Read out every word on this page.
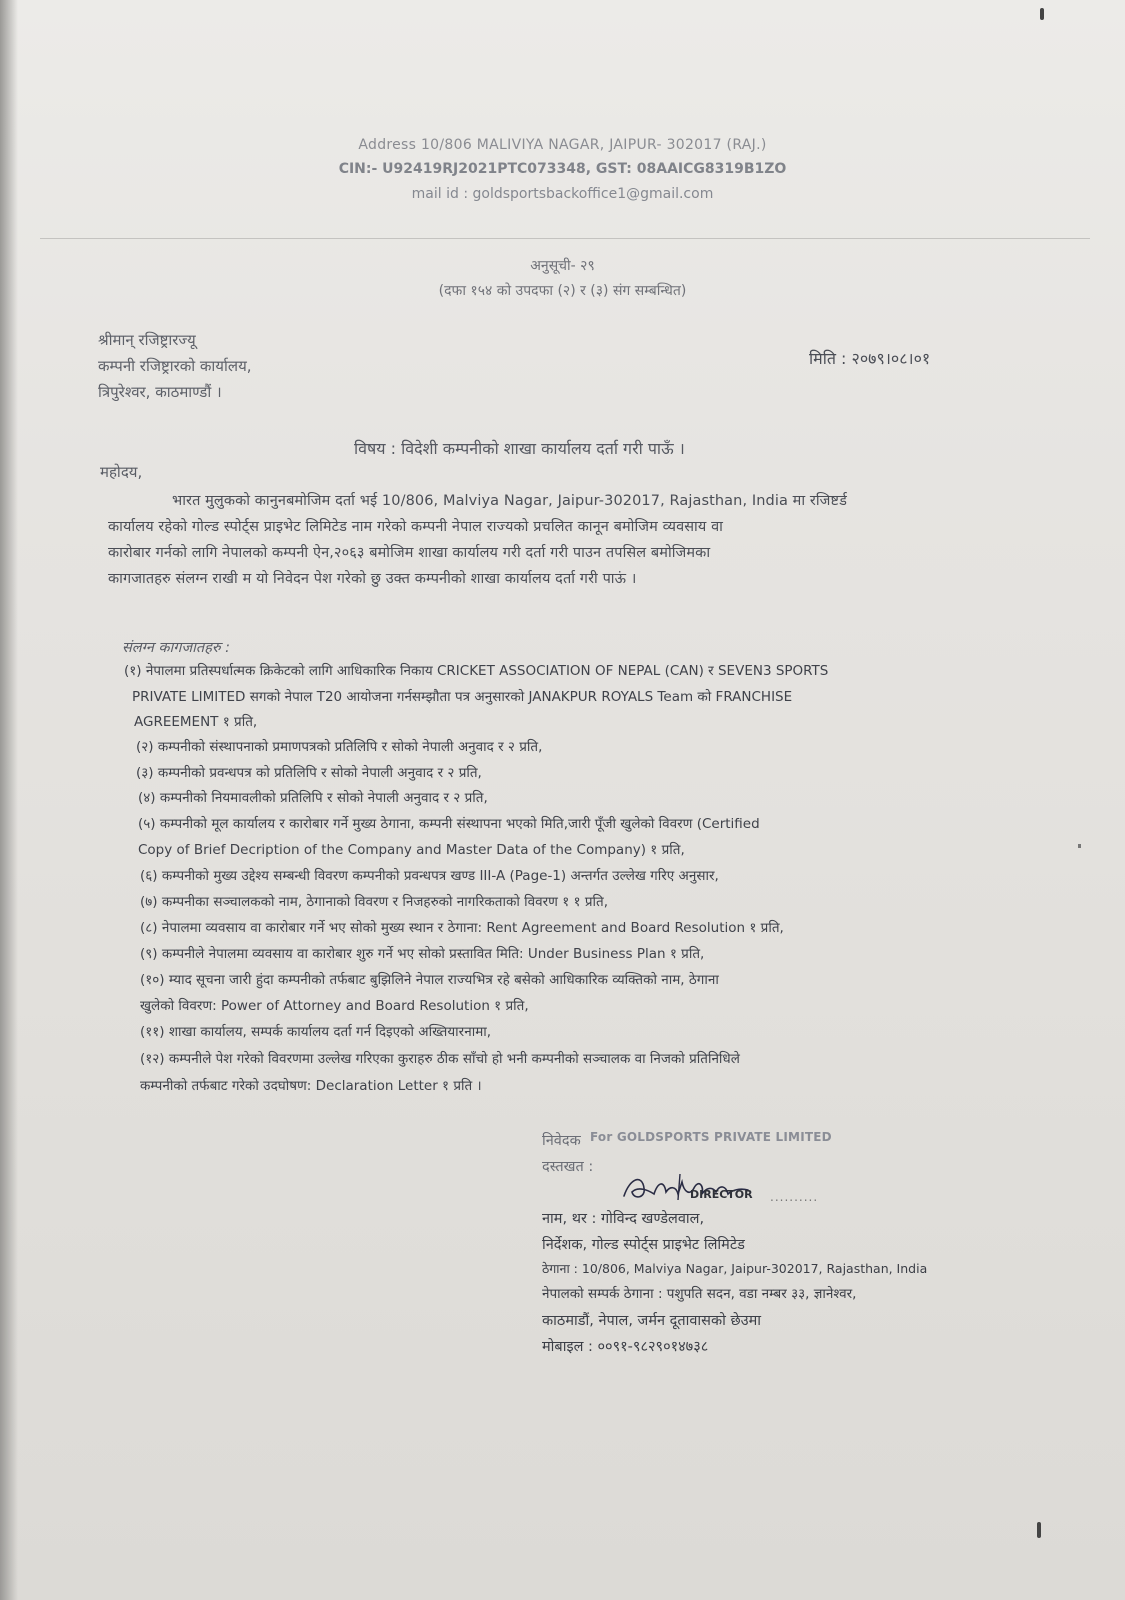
Address 10/806 MALIVIYA NAGAR, JAIPUR- 302017 (RAJ.)
CIN:- U92419RJ2021PTC073348, GST: 08AAICG8319B1ZO
mail id : goldsportsbackoffice1@gmail.com
अनुसूची- २९
(दफा १५४ को उपदफा (२) र (३) संग सम्बन्धित)
श्रीमान् रजिष्ट्रारज्यू
कम्पनी रजिष्ट्रारको कार्यालय,
त्रिपुरेश्वर, काठमाण्डौं ।
मिति : २०७९।०८।०१
विषय : विदेशी कम्पनीको शाखा कार्यालय दर्ता गरी पाऊँ ।
महोदय,
भारत मुलुकको कानुनबमोजिम दर्ता भई 10/806, Malviya Nagar, Jaipur-302017, Rajasthan, India मा रजिष्टर्ड
कार्यालय रहेको गोल्ड स्पोर्ट्स प्राइभेट लिमिटेड नाम गरेको कम्पनी नेपाल राज्यको प्रचलित कानून बमोजिम व्यवसाय वा
कारोबार गर्नको लागि नेपालको कम्पनी ऐन,२०६३ बमोजिम शाखा कार्यालय गरी दर्ता गरी पाउन तपसिल बमोजिमका
कागजातहरु संलग्न राखी म यो निवेदन पेश गरेको छु उक्त कम्पनीको शाखा कार्यालय दर्ता गरी पाऊं ।
संलग्न कागजातहरु :
(१) नेपालमा प्रतिस्पर्धात्मक क्रिकेटको लागि आधिकारिक निकाय CRICKET ASSOCIATION OF NEPAL (CAN) र SEVEN3 SPORTS
PRIVATE LIMITED सगको नेपाल T20 आयोजना गर्नसम्झौता पत्र अनुसारको JANAKPUR ROYALS Team को FRANCHISE
AGREEMENT १ प्रति,
(२) कम्पनीको संस्थापनाको प्रमाणपत्रको प्रतिलिपि र सोको नेपाली अनुवाद र २ प्रति,
(३) कम्पनीको प्रवन्धपत्र को प्रतिलिपि र सोको नेपाली अनुवाद र २ प्रति,
(४) कम्पनीको नियमावलीको प्रतिलिपि र सोको नेपाली अनुवाद र २ प्रति,
(५) कम्पनीको मूल कार्यालय र कारोबार गर्ने मुख्य ठेगाना, कम्पनी संस्थापना भएको मिति,जारी पूँजी खुलेको विवरण (Certified
Copy of Brief Decription of the Company and Master Data of the Company) १ प्रति,
(६) कम्पनीको मुख्य उद्देश्य सम्बन्धी विवरण कम्पनीको प्रवन्धपत्र खण्ड III-A (Page-1) अन्तर्गत उल्लेख गरिए अनुसार,
(७) कम्पनीका सञ्चालकको नाम, ठेगानाको विवरण र निजहरुको नागरिकताको विवरण १ १ प्रति,
(८) नेपालमा व्यवसाय वा कारोबार गर्ने भए सोको मुख्य स्थान र ठेगाना: Rent Agreement and Board Resolution १ प्रति,
(९) कम्पनीले नेपालमा व्यवसाय वा कारोबार शुरु गर्ने भए सोको प्रस्तावित मिति: Under Business Plan १ प्रति,
(१०) म्याद सूचना जारी हुंदा कम्पनीको तर्फबाट बुझिलिने नेपाल राज्यभित्र रहे बसेको आधिकारिक व्यक्तिको नाम, ठेगाना
खुलेको विवरण: Power of Attorney and Board Resolution १ प्रति,
(११) शाखा कार्यालय, सम्पर्क कार्यालय दर्ता गर्न दिइएको अख्तियारनामा,
(१२) कम्पनीले पेश गरेको विवरणमा उल्लेख गरिएका कुराहरु ठीक साँचो हो भनी कम्पनीको सञ्चालक वा निजको प्रतिनिधिले
कम्पनीको तर्फबाट गरेको उदघोषण: Declaration Letter १ प्रति ।
निवेदक For GOLDSPORTS PRIVATE LIMITED
दस्तखत :
DIRECTOR ..........
नाम, थर : गोविन्द खण्डेलवाल,
निर्देशक, गोल्ड स्पोर्ट्स प्राइभेट लिमिटेड
ठेगाना : 10/806, Malviya Nagar, Jaipur-302017, Rajasthan, India
नेपालको सम्पर्क ठेगाना : पशुपति सदन, वडा नम्बर ३३, ज्ञानेश्वर,
काठमाडौं, नेपाल, जर्मन दूतावासको छेउमा
मोबाइल : ००९१-९८२९०१४७३८
